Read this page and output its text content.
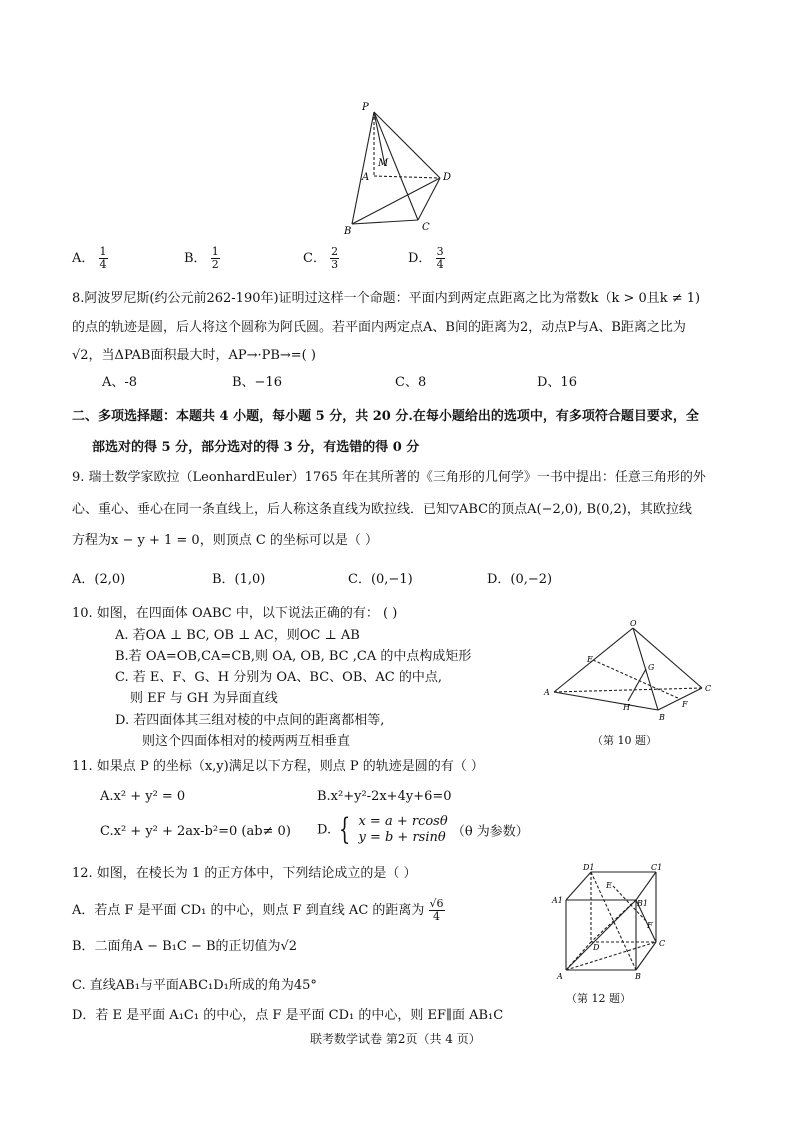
P
M
A	D
B	C
A． $\frac{1}{4}$	B． $\frac{1}{2}$	C． $\frac{2}{3}$	D． $\frac{3}{4}$
8.阿波罗尼斯(约公元前262-190年)证明过这样一个命题：平面内到两定点距离之比为常数k（k > 0且k ≠ 1)
的点的轨迹是圆，后人将这个圆称为阿氏圆。若平面内两定点A、B间的距离为2，动点P与A、B距离之比为
√2，当ΔPAB面积最大时，AP→·PB→=( )
A、-8	B、−16	C、8	D、16
二、多项选择题：本题共 4 小题，每小题 5 分，共 20 分.在每小题给出的选项中，有多项符合题目要求，全
部选对的得 5 分，部分选对的得 3 分，有选错的得 0 分
9. 瑞士数学家欧拉（LeonhardEuler）1765 年在其所著的《三角形的几何学》一书中提出：任意三角形的外
心、重心、垂心在同一条直线上，后人称这条直线为欧拉线．已知▽ABC的顶点A(−2,0), B(0,2)，其欧拉线
方程为x − y + 1 = 0，则顶点 C 的坐标可以是（ ）
A．(2,0)	B．(1,0)	C．(0,−1)	D．(0,−2)
10. 如图，在四面体 OABC 中，以下说法正确的有： ( )
A. 若OA ⊥ BC, OB ⊥ AC，则OC ⊥ AB
B.若 OA=OB,CA=CB,则 OA, OB, BC ,CA 的中点构成矩形
C. 若 E、F、G、H 分别为 OA、BC、OB、AC 的中点,
则 EF 与 GH 为异面直线
D. 若四面体其三组对棱的中点间的距离都相等,
则这个四面体相对的棱两两互相垂直
O
E
G
A
H
C
F
B
（第 10 题）
11. 如果点 P 的坐标（x,y)满足以下方程，则点 P 的轨迹是圆的有（ ）
A.x² + y² = 0	B.x²+y²-2x+4y+6=0
C.x² + y² + 2ax-b²=0 (ab≠ 0) D. { x = a + rcosθ
y = b + rsinθ （θ 为参数）
12. 如图，在棱长为 1 的正方体中，下列结论成立的是（ ）
A．若点 F 是平面 CD₁ 的中心，则点 F 到直线 AC 的距离为 $\frac{√6}{4}$
B．二面角A − B₁C − B的正切值为√2
C. 直线AB₁与平面ABC₁D₁所成的角为45°
D．若 E 是平面 A₁C₁ 的中心，点 F 是平面 CD₁ 的中心，则 EF∥面 AB₁C
D1	C1
A1	B1
E
F
D	C
A	B
（第 12 题）
联考数学试卷 第2页（共 4 页）
